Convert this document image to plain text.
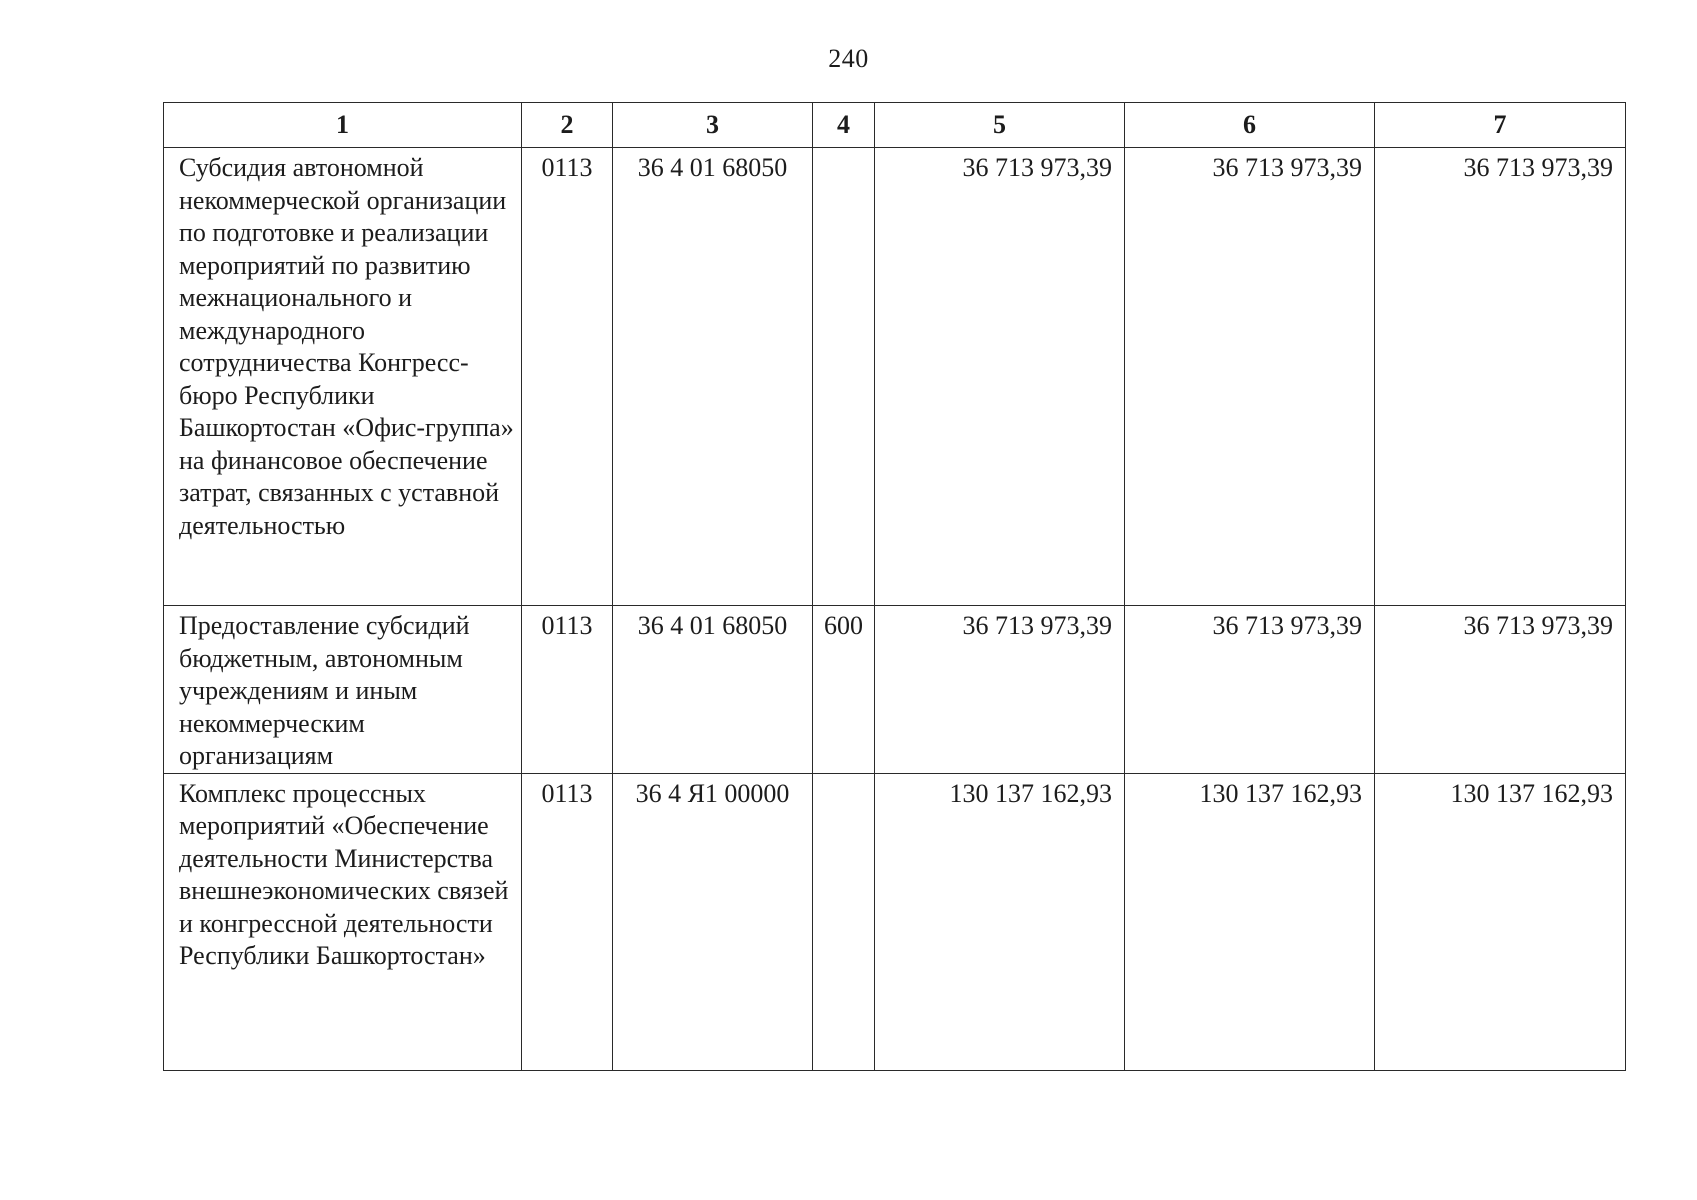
240
1	2	3	4	5	6	7
Субсидия автономной некоммерческой организации по подготовке и реализации мероприятий по развитию межнационального и международного сотрудничества Конгресс-бюро Республики Башкортостан «Офис-группа» на финансовое обеспечение затрат, связанных с уставной деятельностью	0113	36 4 01 68050		36 713 973,39	36 713 973,39	36 713 973,39
Предоставление субсидий бюджетным, автономным учреждениям и иным некоммерческим организациям	0113	36 4 01 68050	600	36 713 973,39	36 713 973,39	36 713 973,39
Комплекс процессных мероприятий «Обеспечение деятельности Министерства внешнеэкономических связей и конгрессной деятельности Республики Башкортостан»	0113	36 4 Я1 00000		130 137 162,93	130 137 162,93	130 137 162,93
